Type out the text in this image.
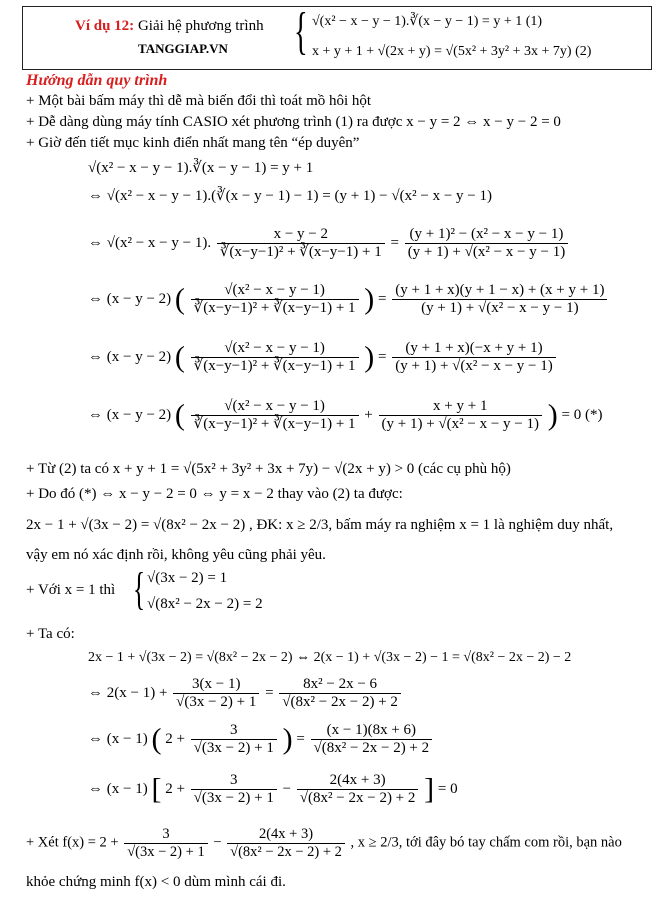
Ví dụ 12: Giải hệ phương trình
TANGGIAP.VN { √(x² − x − y − 1).∛(x − y − 1) = y + 1 (1)
x + y + 1 + √(2x + y) = √(5x² + 3y² + 3x + 7y) (2)
Hướng dẫn quy trình
+ Một bài bấm máy thì dễ mà biến đổi thì toát mồ hôi hột
+ Dễ dàng dùng máy tính CASIO xét phương trình (1) ra được x − y = 2 ⇔ x − y − 2 = 0
+ Giờ đến tiết mục kinh điển nhất mang tên “ép duyên”
√(x² − x − y − 1).∛(x − y − 1) = y + 1
⇔ √(x² − x − y − 1).(∛(x − y − 1) − 1) = (y + 1) − √(x² − x − y − 1)
⇔ √(x² − x − y − 1). $\frac{x - y - 2}{\text{∛(x−y−1)² + ∛(x−y−1) + 1}} = \frac{\text{(y + 1)² − (x² − x − y − 1)}}{\text{(y + 1) + √(x² − x − y − 1)}}$
⇔ (x − y − 2) ( $\frac{\text{√(x² − x − y − 1)}}{\text{∛(x−y−1)² + ∛(x−y−1) + 1}}$ ) = $\frac{(y + 1 + x)(y + 1 - x) + (x + y + 1)}{\text{(y + 1) + √(x² − x − y − 1)}}$
⇔ (x − y − 2) ( $\frac{\text{√(x² − x − y − 1)}}{\text{∛(x−y−1)² + ∛(x−y−1) + 1}}$ ) = $\frac{(y + 1 + x)(-x + y + 1)}{\text{(y + 1) + √(x² − x − y − 1)}}$
⇔ (x − y − 2) ( $\frac{\text{√(x² − x − y − 1)}}{\text{∛(x−y−1)² + ∛(x−y−1) + 1}} + \frac{x + y + 1}{\text{(y + 1) + √(x² − x − y − 1)}}$ ) = 0 (*)
+ Từ (2) ta có x + y + 1 = √(5x² + 3y² + 3x + 7y) − √(2x + y) > 0 (các cụ phù hộ)
+ Do đó (*) ⇔ x − y − 2 = 0 ⇔ y = x − 2 thay vào (2) ta được:
2x − 1 + √(3x − 2) = √(8x² − 2x − 2) , ĐK: x ≥ 2/3, bấm máy ra nghiệm x = 1 là nghiệm duy nhất,
vậy em nó xác định rồi, không yêu cũng phải yêu.
+ Với x = 1 thì { √(3x − 2) = 1
√(8x² − 2x − 2) = 2
+ Ta có:
2x − 1 + √(3x − 2) = √(8x² − 2x − 2) ⇔ 2(x − 1) + √(3x − 2) − 1 = √(8x² − 2x − 2) − 2
⇔ $2(x - 1) + \frac{3(x - 1)}{√(3x - 2) + 1} = \frac{\text{8x² − 2x − 6}}{\text{√(8x² − 2x − 2) + 2}}$
⇔ (x − 1) ( $2 + \frac{3}{√(3x - 2) + 1}$ ) = $\frac{(x - 1)(8x + 6)}{\text{√(8x² − 2x − 2) + 2}}$
⇔ (x − 1) [ $2 + \frac{3}{√(3x - 2) + 1} - \frac{2(4x + 3)}{\text{√(8x² − 2x − 2) + 2}}$ ] = 0
+ Xét $f(x) = 2 + \frac{3}{√(3x - 2) + 1} - \frac{2(4x + 3)}{\text{√(8x² − 2x − 2) + 2}}$ , x ≥ 2/3, tới đây bó tay chấm com rồi, bạn nào
khỏe chứng minh f(x) < 0 dùm mình cái đi.
